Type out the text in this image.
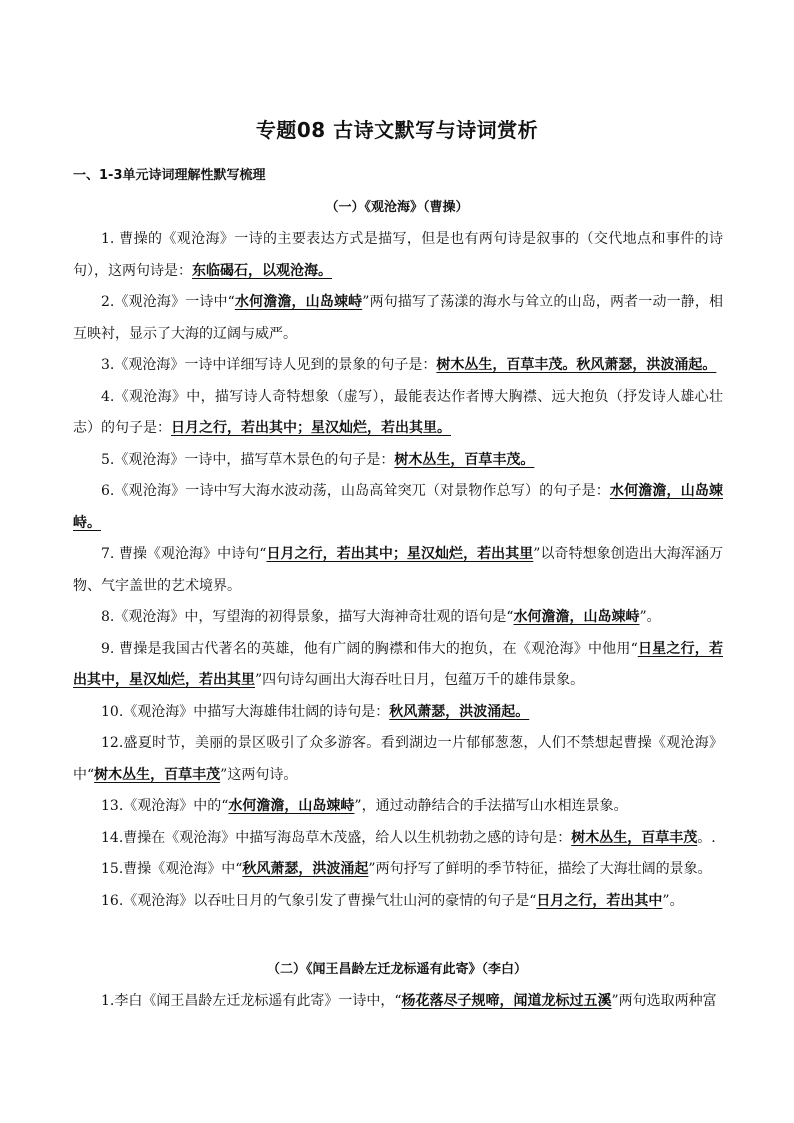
专题08 古诗文默写与诗词赏析
一、1-3单元诗词理解性默写梳理
（一）《观沧海》（曹操）

1. 曹操的《观沧海》一诗的主要表达方式是描写，但是也有两句诗是叙事的（交代地点和事件的诗句），这两句诗是：东临碣石，以观沧海。

2.《观沧海》一诗中“水何澹澹，山岛竦峙”两句描写了荡漾的海水与耸立的山岛，两者一动一静，相互映衬，显示了大海的辽阔与威严。

3.《观沧海》一诗中详细写诗人见到的景象的句子是：树木丛生，百草丰茂。秋风萧瑟，洪波涌起。

4.《观沧海》中，描写诗人奇特想象（虚写），最能表达作者博大胸襟、远大抱负（抒发诗人雄心壮志）的句子是：日月之行，若出其中；星汉灿烂，若出其里。

5.《观沧海》一诗中，描写草木景色的句子是：树木丛生，百草丰茂。

6.《观沧海》一诗中写大海水波动荡，山岛高耸突兀（对景物作总写）的句子是：水何澹澹，山岛竦峙。

7. 曹操《观沧海》中诗句“日月之行，若出其中；星汉灿烂，若出其里”以奇特想象创造出大海浑涵万物、气宇盖世的艺术境界。

8.《观沧海》中，写望海的初得景象，描写大海神奇壮观的语句是“水何澹澹，山岛竦峙”。

9. 曹操是我国古代著名的英雄，他有广阔的胸襟和伟大的抱负，在《观沧海》中他用“日星之行，若出其中，星汉灿烂，若出其里”四句诗勾画出大海吞吐日月，包蕴万千的雄伟景象。

10.《观沧海》中描写大海雄伟壮阔的诗句是：秋风萧瑟，洪波涌起。

12.盛夏时节，美丽的景区吸引了众多游客。看到湖边一片郁郁葱葱，人们不禁想起曹操《观沧海》中“树木丛生，百草丰茂”这两句诗。

13.《观沧海》中的“水何澹澹，山岛竦峙”，通过动静结合的手法描写山水相连景象。

14.曹操在《观沧海》中描写海岛草木茂盛，给人以生机勃勃之感的诗句是：树木丛生，百草丰茂。.

15.曹操《观沧海》中“秋风萧瑟，洪波涌起”两句抒写了鲜明的季节特征，描绘了大海壮阔的景象。

16.《观沧海》以吞吐日月的气象引发了曹操气壮山河的豪情的句子是“日月之行，若出其中”。

（二）《闻王昌龄左迁龙标遥有此寄》（李白）

1.李白《闻王昌龄左迁龙标遥有此寄》一诗中，“杨花落尽子规啼，闻道龙标过五溪”两句选取两种富
